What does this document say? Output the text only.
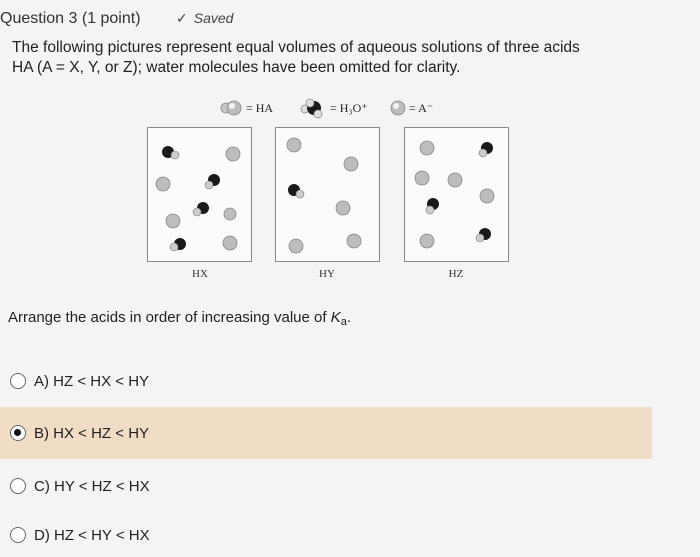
Question 3 (1 point)	✓ Saved
The following pictures represent equal volumes of aqueous solutions of three acids
HA (A = X, Y, or Z); water molecules have been omitted for clarity.
= HA	= H₃O⁺	= A⁻
HX	HY	HZ
Arrange the acids in order of increasing value of $K_a$.
A) HZ < HX < HY
B) HX < HZ < HY
C) HY < HZ < HX
D) HZ < HY < HX
